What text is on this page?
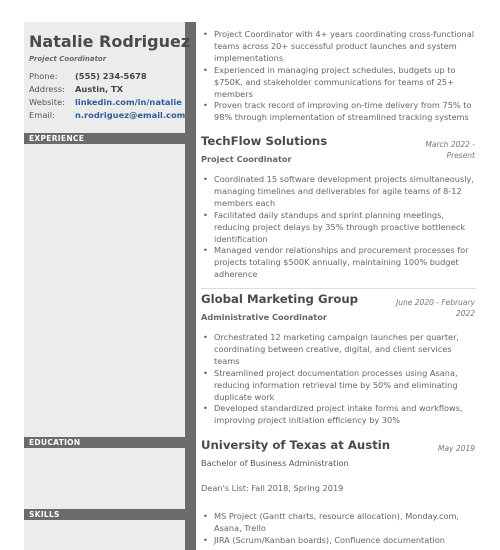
Natalie Rodriguez
Project Coordinator
Phone: (555) 234-5678
Address: Austin, TX
Website: linkedin.com/in/natalie
Email: n.rodriguez@email.com
EXPERIENCE
EDUCATION
SKILLS
• Project Coordinator with 4+ years coordinating cross-functional teams across 20+ successful product launches and system implementations
• Experienced in managing project schedules, budgets up to $750K, and stakeholder communications for teams of 25+ members
• Proven track record of improving on-time delivery from 75% to 98% through implementation of streamlined tracking systems
TechFlow Solutions	March 2022 - Present
Project Coordinator
• Coordinated 15 software development projects simultaneously, managing timelines and deliverables for agile teams of 8-12 members each
• Facilitated daily standups and sprint planning meetings, reducing project delays by 35% through proactive bottleneck identification
• Managed vendor relationships and procurement processes for projects totaling $500K annually, maintaining 100% budget adherence
Global Marketing Group	June 2020 - February 2022
Administrative Coordinator
• Orchestrated 12 marketing campaign launches per quarter, coordinating between creative, digital, and client services teams
• Streamlined project documentation processes using Asana, reducing information retrieval time by 50% and eliminating duplicate work
• Developed standardized project intake forms and workflows, improving project initiation efficiency by 30%
University of Texas at Austin	May 2019
Bachelor of Business Administration
Dean's List: Fall 2018, Spring 2019
• MS Project (Gantt charts, resource allocation), Monday.com, Asana, Trello
• JIRA (Scrum/Kanban boards), Confluence documentation
